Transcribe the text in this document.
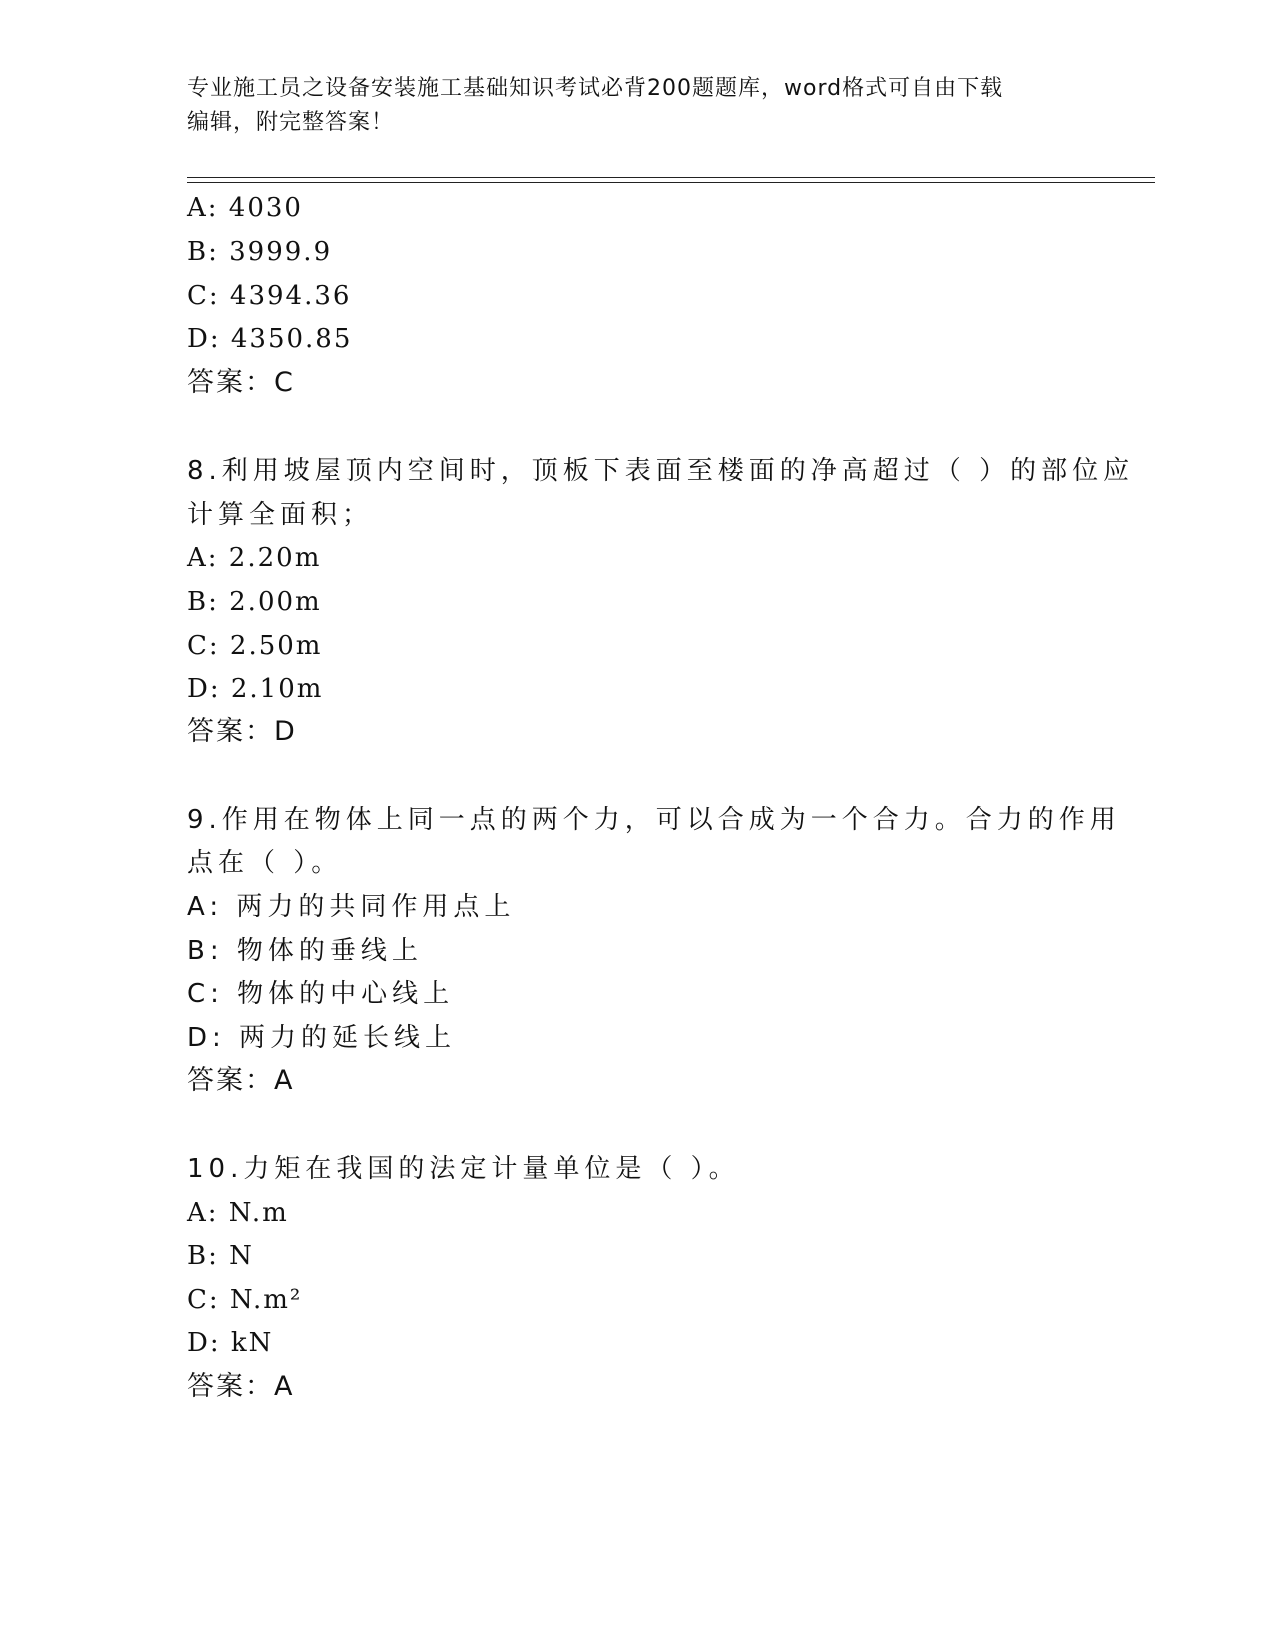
专业施工员之设备安装施工基础知识考试必背200题题库，word格式可自由下载
编辑，附完整答案！
A: 4030
B: 3999.9
C: 4394.36
D: 4350.85
答案：C
8.利用坡屋顶内空间时，顶板下表面至楼面的净高超过（ ）的部位应
计算全面积；
A: 2.20m
B: 2.00m
C: 2.50m
D: 2.10m
答案：D
9.作用在物体上同一点的两个力，可以合成为一个合力。合力的作用
点在（ ）。
A: 两力的共同作用点上
B: 物体的垂线上
C: 物体的中心线上
D: 两力的延长线上
答案：A
10.力矩在我国的法定计量单位是（ ）。
A: N.m
B: N
C: N.m²
D: kN
答案：A
